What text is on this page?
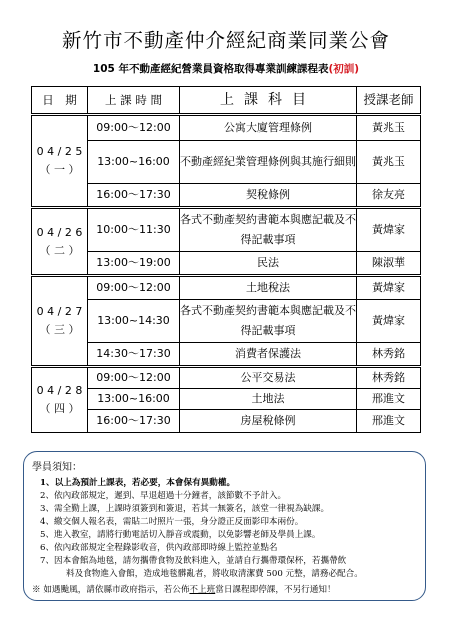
新竹市不動產仲介經紀商業同業公會
105 年不動產經紀營業員資格取得專業訓練課程表(初訓)
日　期	上 課 時 間	上課科目	授課老師

0 4 / 2 5
（ 一 ）	09:00～12:00	公寓大廈管理條例	黃兆玉
	13:00~16:00	不動產經紀業管理條例與其施行細則	黃兆玉
	16:00～17:30	契稅條例	徐友亮

0 4 / 2 6
（ 二 ）	10:00～11:30	各式不動產契約書範本與應記載及不得記載事項	黃煒家
	13:00～19:00	民法	陳淑華

0 4 / 2 7
（ 三 ）	09:00～12:00	土地稅法	黃煒家
	13:00~14:30	各式不動產契約書範本與應記載及不得記載事項	黃煒家
	14:30～17:30	消費者保護法	林秀銘

0 4 / 2 8
（ 四 ）	09:00～12:00	公平交易法	林秀銘
	13:00~16:00	土地法	邢進文
	16:00～17:30	房屋稅條例	邢進文
學員須知：
1、以上為預計上課表，若必要，本會保有異動權。
2、依內政部規定，遲到、早退超過十分鐘者，該節數不予計入。
3、需全勤上課，上課時須簽到和簽退，若其一無簽名，該堂一律視為缺課。
4、繳交個人報名表，需貼二吋照片一張，身分證正反面影印本兩份。
5、進入教室，請將行動電話切入靜音或震動，以免影響老師及學員上課。
6、依內政部規定全程錄影收音，供內政部即時線上監控並點名
7、因本會館為地毯，請勿攜帶食物及飲料進入，並請自行攜帶環保杯，若攜帶飲
料及食物進入會館，造成地毯髒亂者，將收取清潔費 500 元整，請務必配合。
※ 如遇颱風，請依縣市政府指示，若公佈不上班當日課程即停課，不另行通知！
